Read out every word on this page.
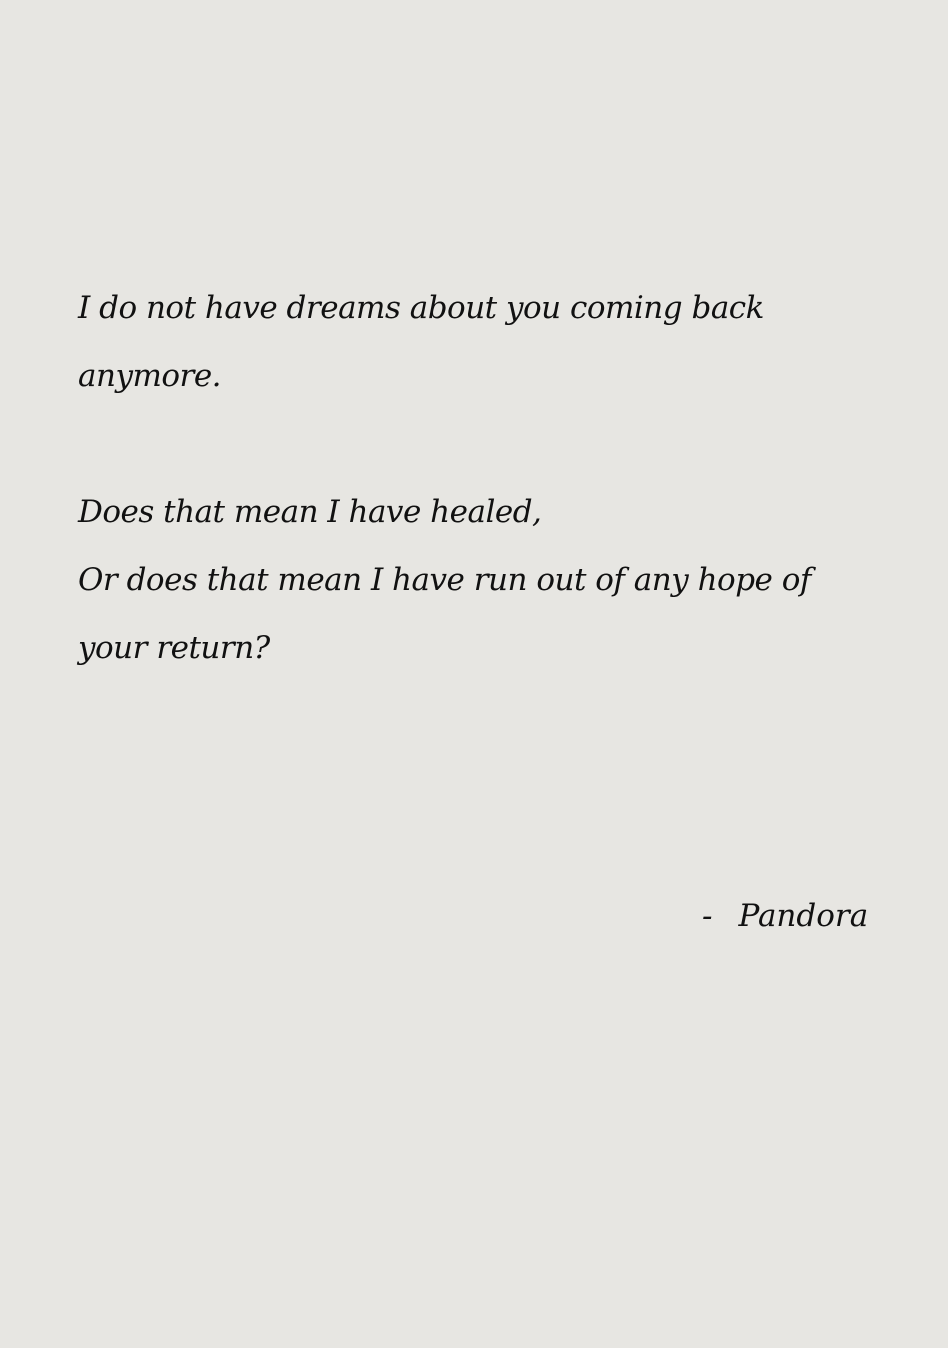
I do not have dreams about you coming back

anymore.

Does that mean I have healed,

Or does that mean I have run out of any hope of

your return?

- Pandora
